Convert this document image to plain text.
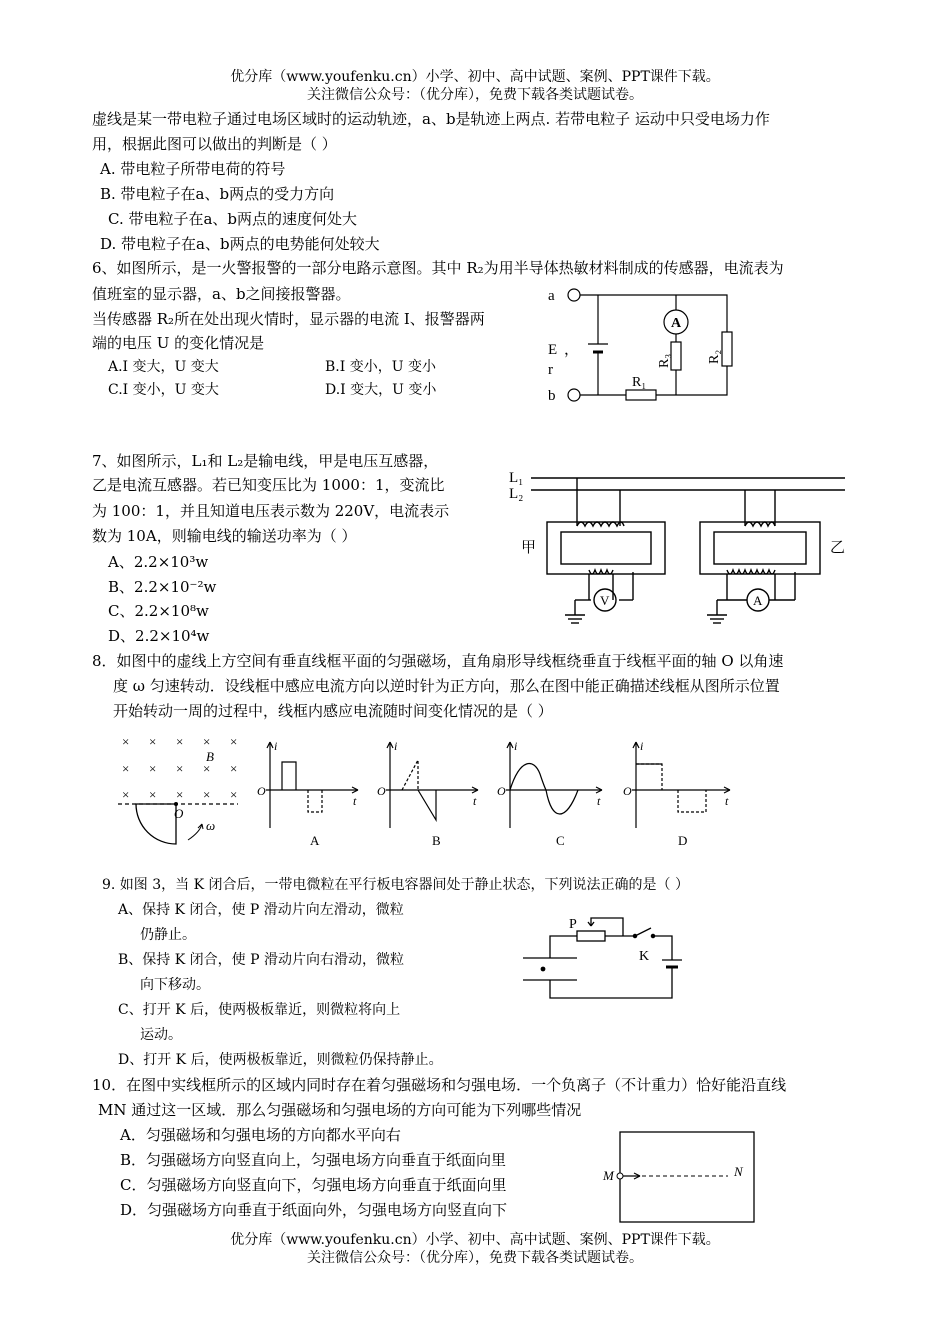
优分库（www.youfenku.cn）小学、初中、高中试题、案例、PPT课件下载。
关注微信公众号：（优分库），免费下载各类试题试卷。
虚线是某一带电粒子通过电场区域时的运动轨迹，a、b是轨迹上两点. 若带电粒子 运动中只受电场力作
用，根据此图可以做出的判断是（ ）
A. 带电粒子所带电荷的符号
B. 带电粒子在a、b两点的受力方向
C. 带电粒子在a、b两点的速度何处大
D. 带电粒子在a、b两点的电势能何处较大
6、如图所示，是一火警报警的一部分电路示意图。其中 R₂为用半导体热敏材料制成的传感器，电流表为
值班室的显示器，a、b之间接报警器。
当传感器 R₂所在处出现火情时，显示器的电流 I、报警器两
端的电压 U 的变化情况是
A.I 变大，U 变大	B.I 变小，U 变小
C.I 变小，U 变大	D.I 变大，U 变小
a
b
E ，
r
A
R₁
R₃	R₂
7、如图所示，L₁和 L₂是输电线，甲是电压互感器，
乙是电流互感器。若已知变压比为 1000：1，变流比
为 100：1，并且知道电压表示数为 220V，电流表示
数为 10A，则输电线的输送功率为（ ）
A、2.2×10³w
B、2.2×10⁻²w
C、2.2×10⁸w
D、2.2×10⁴w
L₁
L₂
甲	乙
V	A
8．如图中的虚线上方空间有垂直线框平面的匀强磁场，直角扇形导线框绕垂直于线框平面的轴 O 以角速
度 ω 匀速转动．设线框中感应电流方向以逆时针为正方向，那么在图中能正确描述线框从图所示位置
开始转动一周的过程中，线框内感应电流随时间变化情况的是（ ）
× × × × ×
× × × × ×
× × × × ×
B
O
ω
i
t
O
A
i
t
O
B
i
t
O
C
i
t
O
D
9. 如图 3，当 K 闭合后，一带电微粒在平行板电容器间处于静止状态，下列说法正确的是（ ）
A、保持 K 闭合，使 P 滑动片向左滑动，微粒
仍静止。
B、保持 K 闭合，使 P 滑动片向右滑动，微粒
向下移动。
C、打开 K 后，使两极板靠近，则微粒将向上
运动。
D、打开 K 后，使两极板靠近，则微粒仍保持静止。
P
K
10．在图中实线框所示的区域内同时存在着匀强磁场和匀强电场．一个负离子（不计重力）恰好能沿直线
MN 通过这一区域．那么匀强磁场和匀强电场的方向可能为下列哪些情况
A．匀强磁场和匀强电场的方向都水平向右
B．匀强磁场方向竖直向上，匀强电场方向垂直于纸面向里
C．匀强磁场方向竖直向下，匀强电场方向垂直于纸面向里
D．匀强磁场方向垂直于纸面向外，匀强电场方向竖直向下
M	N
优分库（www.youfenku.cn）小学、初中、高中试题、案例、PPT课件下载。
关注微信公众号：（优分库），免费下载各类试题试卷。
